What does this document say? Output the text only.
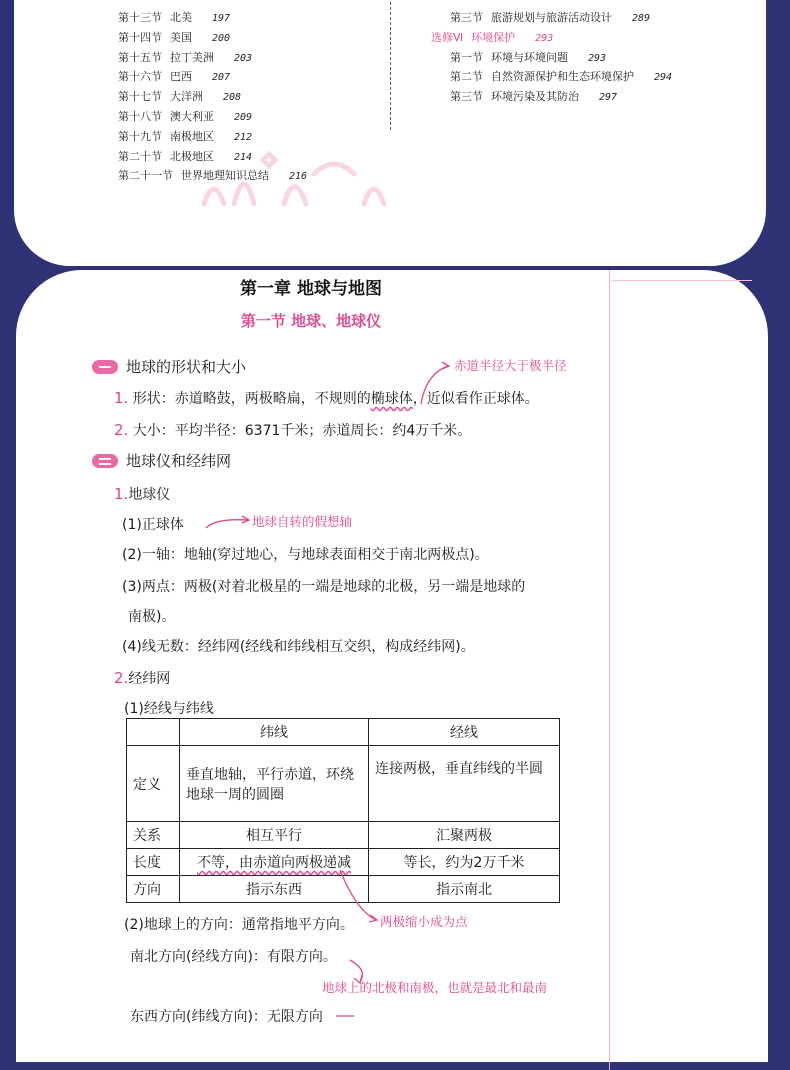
第十三节 北美 197
第十四节 美国 200
第十五节 拉丁美洲 203
第十六节 巴西 207
第十七节 大洋洲 208
第十八节 澳大利亚 209
第十九节 南极地区 212
第二十节 北极地区 214
第二十一节 世界地理知识总结 216
第三节 旅游规划与旅游活动设计 289
选修Ⅵ 环境保护 293
第一节 环境与环境问题 293
第二节 自然资源保护和生态环境保护 294
第三节 环境污染及其防治 297
第一章 地球与地图
第一节 地球、地球仪
地球的形状和大小	赤道半径大于极半径
1. 形状：赤道略鼓，两极略扁，不规则的椭球体，近似看作正球体。
2. 大小：平均半径：6371千米；赤道周长：约4万千米。
地球仪和经纬网
1.地球仪
(1)正球体	地球自转的假想轴
(2)一轴：地轴(穿过地心，与地球表面相交于南北两极点)。
(3)两点：两极(对着北极星的一端是地球的北极，另一端是地球的
南极)。
(4)线无数：经纬网(经线和纬线相互交织，构成经纬网)。
2.经纬网
(1)经线与纬线
	纬线	经线
定义	垂直地轴，平行赤道，环绕地球一周的圆圈	连接两极，垂直纬线的半圆
关系	相互平行	汇聚两极
长度	不等，由赤道向两极递减	等长，约为2万千米
方向	指示东西	指示南北
(2)地球上的方向：通常指地平方向。 两极缩小成为点
南北方向(经线方向)：有限方向。
地球上的北极和南极，也就是最北和最南
东西方向(纬线方向)：无限方向
